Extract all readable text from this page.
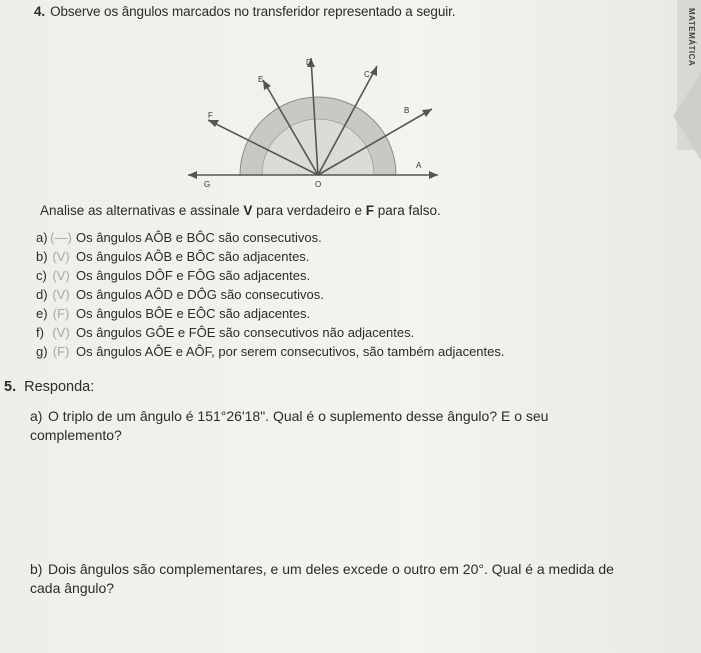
MATEMÁTICA
4. Observe os ângulos marcados no transferidor representado a seguir.
A
B
C
D
E
F
G	O
Analise as alternativas e assinale V para verdadeiro e F para falso.
a) (—) Os ângulos AÔB e BÔC são consecutivos.
b) (V) Os ângulos AÔB e BÔC são adjacentes.
c) (V) Os ângulos DÔF e FÔG são adjacentes.
d) (V) Os ângulos AÔD e DÔG são consecutivos.
e) (F) Os ângulos BÔE e EÔC são adjacentes.
f) (V) Os ângulos GÔE e FÔE são consecutivos não adjacentes.
g) (F) Os ângulos AÔE e AÔF, por serem consecutivos, são também adjacentes.
5. Responda:
a) O triplo de um ângulo é 151°26'18". Qual é o suplemento desse ângulo? E o seu complemento?
b) Dois ângulos são complementares, e um deles excede o outro em 20°. Qual é a medida de cada ângulo?
